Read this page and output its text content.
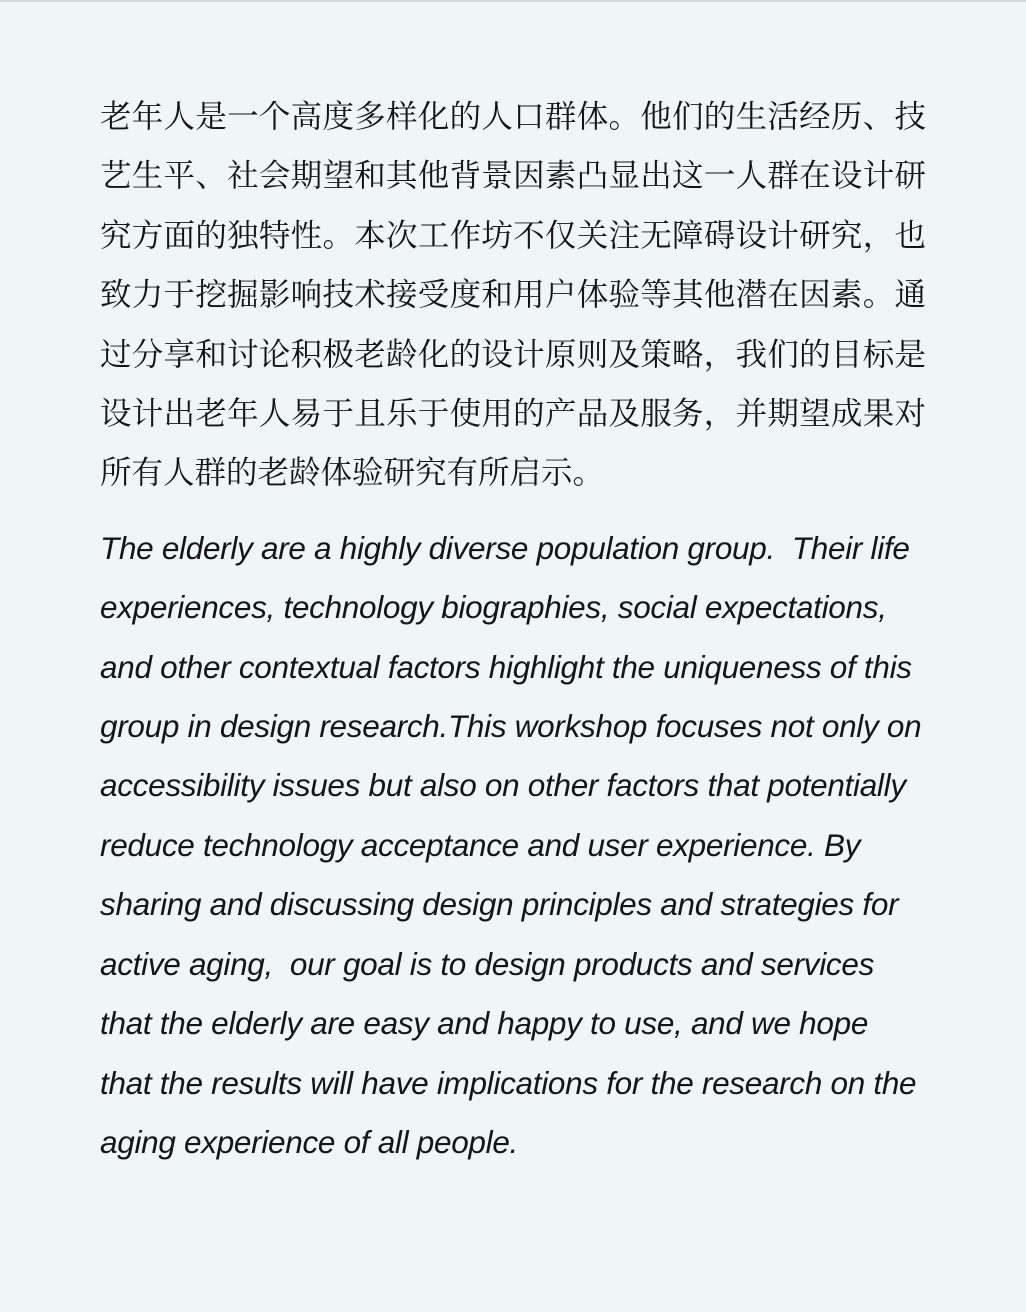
老年人是一个高度多样化的人口群体。他们的生活经历、技艺生平、社会期望和其他背景因素凸显出这一人群在设计研究方面的独特性。本次工作坊不仅关注无障碍设计研究，也致力于挖掘影响技术接受度和用户体验等其他潜在因素。通过分享和讨论积极老龄化的设计原则及策略，我们的目标是设计出老年人易于且乐于使用的产品及服务，并期望成果对所有人群的老龄体验研究有所启示。

The elderly are a highly diverse population group.  Their life experiences, technology biographies, social expectations, and other contextual factors highlight the uniqueness of this group in design research.This workshop focuses not only on accessibility issues but also on other factors that potentially reduce technology acceptance and user experience. By sharing and discussing design principles and strategies for active aging,  our goal is to design products and services that the elderly are easy and happy to use, and we hope that the results will have implications for the research on the aging experience of all people.
